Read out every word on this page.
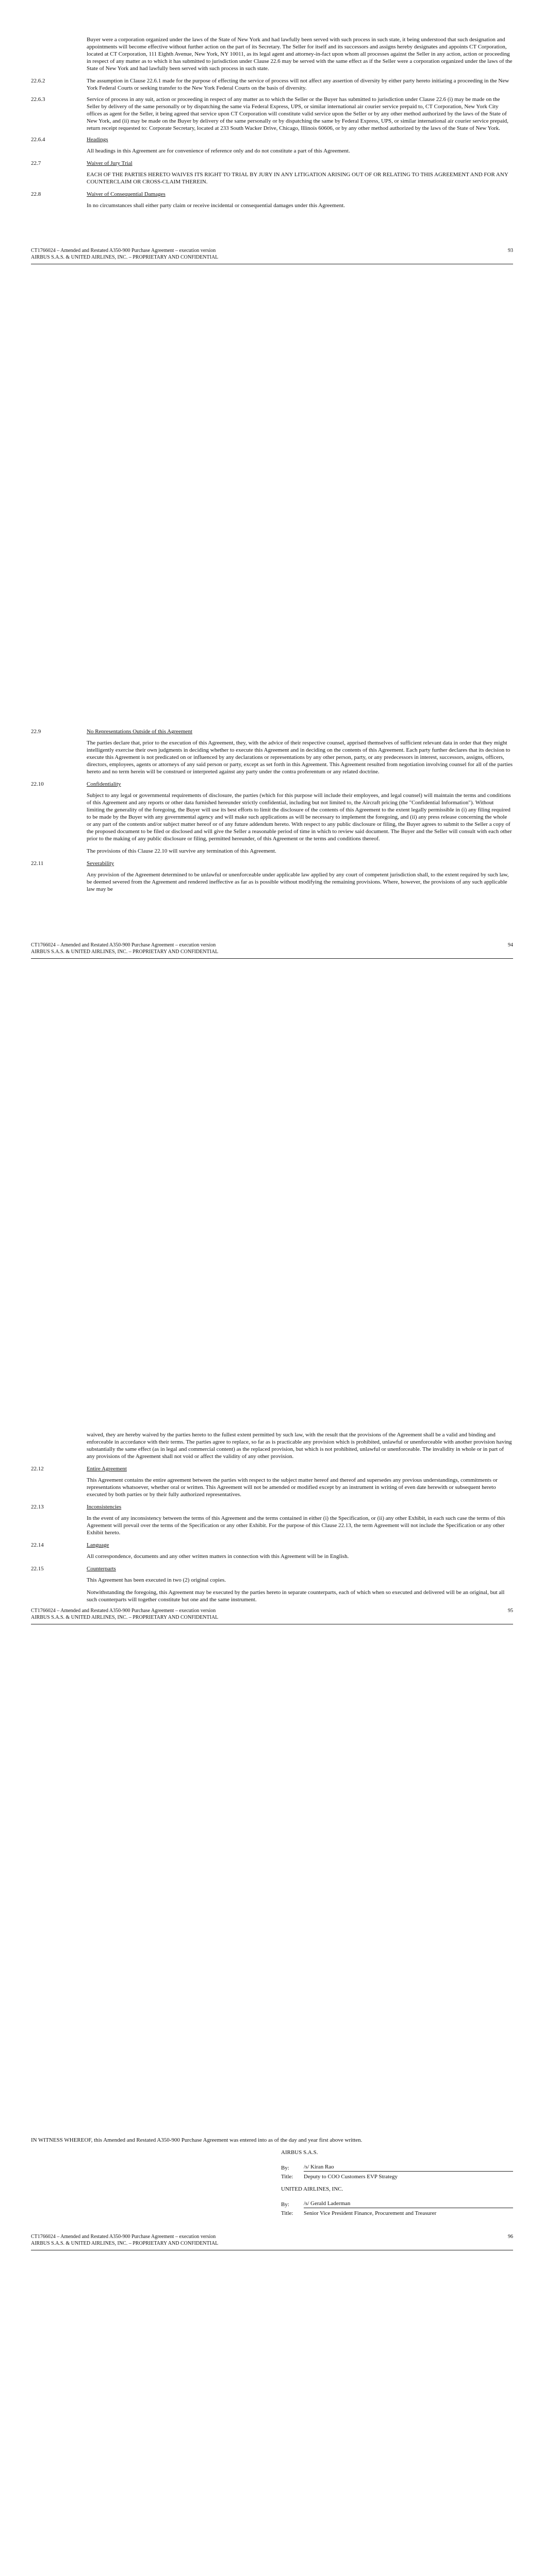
Buyer were a corporation organized under the laws of the State of New York and had lawfully been served with such process in such state, it being understood that such designation and appointments will become effective without further action on the part of its Secretary. The Seller for itself and its successors and assigns hereby designates and appoints CT Corporation, located at CT Corporation, 111 Eighth Avenue, New York, NY 10011, as its legal agent and attorney-in-fact upon whom all processes against the Seller in any action, action or proceeding in respect of any matter as to which it has submitted to jurisdiction under Clause 22.6 may be served with the same effect as if the Seller were a corporation organized under the laws of the State of New York and had lawfully been served with such process in such state.

22.6.2	The assumption in Clause 22.6.1 made for the purpose of effecting the service of process will not affect any assertion of diversity by either party hereto initiating a proceeding in the New York Federal Courts or seeking transfer to the New York Federal Courts on the basis of diversity.
22.6.3	Service of process in any suit, action or proceeding in respect of any matter as to which the Seller or the Buyer has submitted to jurisdiction under Clause 22.6 (i) may be made on the Seller by delivery of the same personally or by dispatching the same via Federal Express, UPS, or similar international air courier service prepaid to, CT Corporation, New York City offices as agent for the Seller, it being agreed that service upon CT Corporation will constitute valid service upon the Seller or by any other method authorized by the laws of the State of New York, and (ii) may be made on the Buyer by delivery of the same personally or by dispatching the same by Federal Express, UPS, or similar international air courier service prepaid, return receipt requested to: Corporate Secretary, located at 233 South Wacker Drive, Chicago, Illinois 60606, or by any other method authorized by the laws of the State of New York.
22.6.4	Headings

All headings in this Agreement are for convenience of reference only and do not constitute a part of this Agreement.

22.7	Waiver of Jury Trial

EACH OF THE PARTIES HERETO WAIVES ITS RIGHT TO TRIAL BY JURY IN ANY LITIGATION ARISING OUT OF OR RELATING TO THIS AGREEMENT AND FOR ANY COUNTERCLAIM OR CROSS-CLAIM THEREIN.

22.8	Waiver of Consequential Damages

In no circumstances shall either party claim or receive incidental or consequential damages under this Agreement.

CT1766024 – Amended and Restated A350-900 Purchase Agreement – execution version	93
AIRBUS S.A.S. & UNITED AIRLINES, INC. – PROPRIETARY AND CONFIDENTIAL
22.9	No Representations Outside of this Agreement

The parties declare that, prior to the execution of this Agreement, they, with the advice of their respective counsel, apprised themselves of sufficient relevant data in order that they might intelligently exercise their own judgments in deciding whether to execute this Agreement and in deciding on the contents of this Agreement. Each party further declares that its decision to execute this Agreement is not predicated on or influenced by any declarations or representations by any other person, party, or any predecessors in interest, successors, assigns, officers, directors, employees, agents or attorneys of any said person or party, except as set forth in this Agreement. This Agreement resulted from negotiation involving counsel for all of the parties hereto and no term herein will be construed or interpreted against any party under the contra proferentum or any related doctrine.

22.10	Confidentiality

Subject to any legal or governmental requirements of disclosure, the parties (which for this purpose will include their employees, and legal counsel) will maintain the terms and conditions of this Agreement and any reports or other data furnished hereunder strictly confidential, including but not limited to, the Aircraft pricing (the "Confidential Information"). Without limiting the generality of the foregoing, the Buyer will use its best efforts to limit the disclosure of the contents of this Agreement to the extent legally permissible in (i) any filing required to be made by the Buyer with any governmental agency and will make such applications as will be necessary to implement the foregoing, and (ii) any press release concerning the whole or any part of the contents and/or subject matter hereof or of any future addendum hereto. With respect to any public disclosure or filing, the Buyer agrees to submit to the Seller a copy of the proposed document to be filed or disclosed and will give the Seller a reasonable period of time in which to review said document. The Buyer and the Seller will consult with each other prior to the making of any public disclosure or filing, permitted hereunder, of this Agreement or the terms and conditions thereof.

The provisions of this Clause 22.10 will survive any termination of this Agreement.

22.11	Severability

Any provision of the Agreement determined to be unlawful or unenforceable under applicable law applied by any court of competent jurisdiction shall, to the extent required by such law, be deemed severed from the Agreement and rendered ineffective as far as is possible without modifying the remaining provisions. Where, however, the provisions of any such applicable law may be

CT1766024 – Amended and Restated A350-900 Purchase Agreement – execution version	94
AIRBUS S.A.S. & UNITED AIRLINES, INC. – PROPRIETARY AND CONFIDENTIAL

waived, they are hereby waived by the parties hereto to the fullest extent permitted by such law, with the result that the provisions of the Agreement shall be a valid and binding and enforceable in accordance with their terms. The parties agree to replace, so far as is practicable any provision which is prohibited, unlawful or unenforceable with another provision having substantially the same effect (as in legal and commercial content) as the replaced provision, but which is not prohibited, unlawful or unenforceable. The invalidity in whole or in part of any provisions of the Agreement shall not void or affect the validity of any other provision.

22.12	Entire Agreement

This Agreement contains the entire agreement between the parties with respect to the subject matter hereof and thereof and supersedes any previous understandings, commitments or representations whatsoever, whether oral or written. This Agreement will not be amended or modified except by an instrument in writing of even date herewith or subsequent hereto executed by both parties or by their fully authorized representatives.

22.13	Inconsistencies

In the event of any inconsistency between the terms of this Agreement and the terms contained in either (i) the Specification, or (ii) any other Exhibit, in each such case the terms of this Agreement will prevail over the terms of the Specification or any other Exhibit. For the purpose of this Clause 22.13, the term Agreement will not include the Specification or any other Exhibit hereto.

22.14	Language

All correspondence, documents and any other written matters in connection with this Agreement will be in English.

22.15	Counterparts

This Agreement has been executed in two (2) original copies.

Notwithstanding the foregoing, this Agreement may be executed by the parties hereto in separate counterparts, each of which when so executed and delivered will be an original, but all such counterparts will together constitute but one and the same instrument.

CT1766024 – Amended and Restated A350-900 Purchase Agreement – execution version	95
AIRBUS S.A.S. & UNITED AIRLINES, INC. – PROPRIETARY AND CONFIDENTIAL

IN WITNESS WHEREOF, this Amended and Restated A350-900 Purchase Agreement was entered into as of the day and year first above written.

AIRBUS S.A.S.
By:	/s/ Kiran Rao
Title:	Deputy to COO Customers EVP Strategy
UNITED AIRLINES, INC.
By:	/s/ Gerald Laderman
Title:	Senior Vice President Finance, Procurement and Treasurer
CT1766024 – Amended and Restated A350-900 Purchase Agreement – execution version	96
AIRBUS S.A.S. & UNITED AIRLINES, INC. – PROPRIETARY AND CONFIDENTIAL
